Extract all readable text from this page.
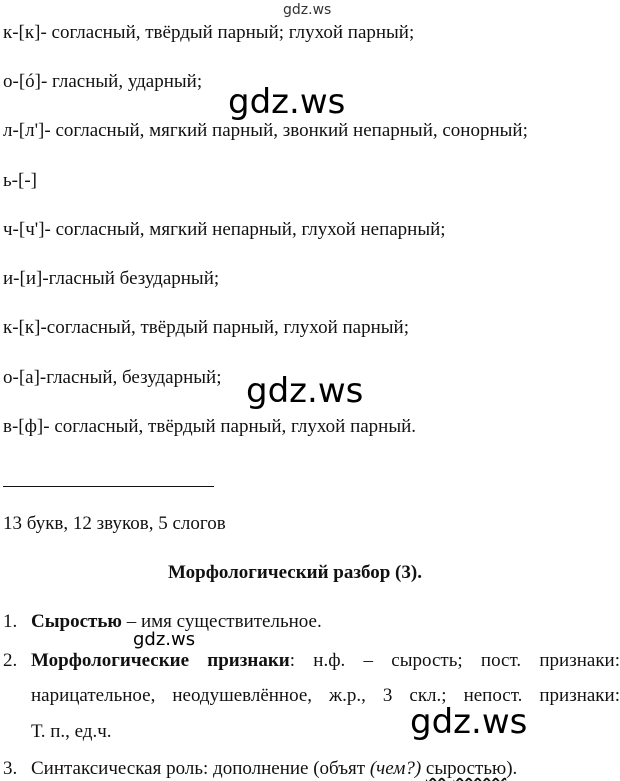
gdz.ws
к-[к]- согласный, твёрдый парный; глухой парный;
о-[ó]- гласный, ударный;
л-[л']- согласный, мягкий парный, звонкий непарный, сонорный;
ь-[-]
ч-[ч']- согласный, мягкий непарный, глухой непарный;
и-[и]-гласный безударный;
к-[к]-согласный, твёрдый парный, глухой парный;
о-[а]-гласный, безударный;
в-[ф]- согласный, твёрдый парный, глухой парный.
gdz.ws
gdz.ws
13 букв, 12 звуков, 5 слогов
Морфологический разбор (3).
1. Сыростью – имя существительное.
gdz.ws
2. Морфологические признаки: н.ф. – сырость; пост. признаки:
нарицательное, неодушевлённое, ж.р., 3 скл.; непост. признаки:
Т. п., ед.ч.	gdz.ws
3. Синтаксическая роль: дополнение (объят (чем?) сыростью).
